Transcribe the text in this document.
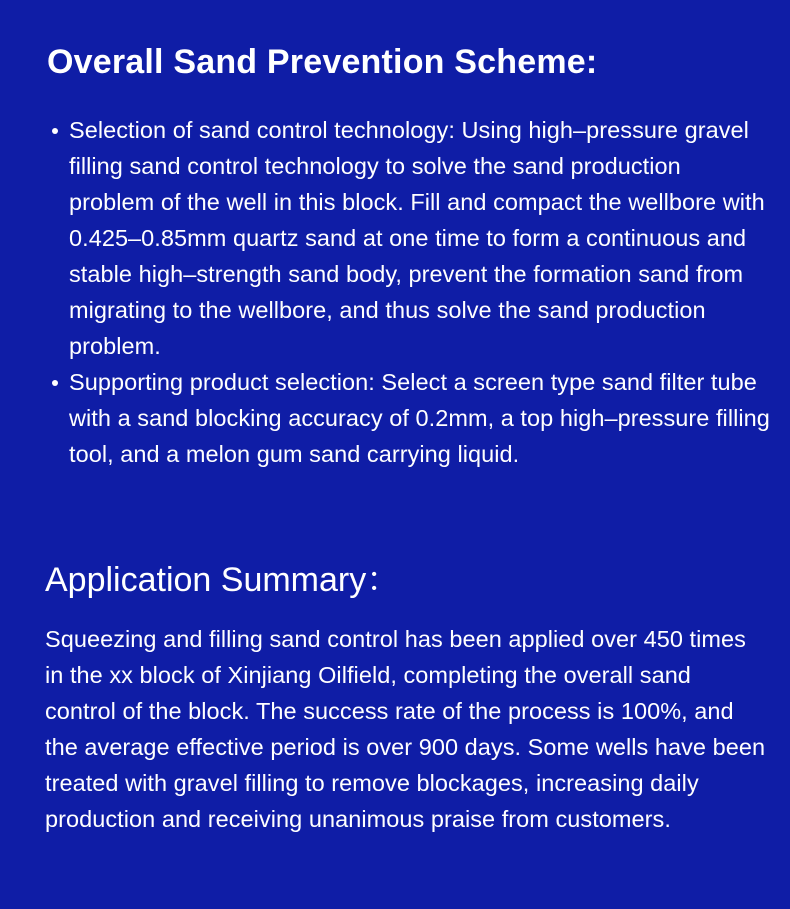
Overall Sand Prevention Scheme:
Selection of sand control technology: Using high–pressure gravel filling sand control technology to solve the sand production problem of the well in this block. Fill and compact the wellbore with 0.425–0.85mm quartz sand at one time to form a continuous and stable high–strength sand body, prevent the formation sand from migrating to the wellbore, and thus solve the sand production problem.
Supporting product selection: Select a screen type sand filter tube with a sand blocking accuracy of 0.2mm, a top high–pressure filling tool, and a melon gum sand carrying liquid.
Application Summary：

Squeezing and filling sand control has been applied over 450 times in the xx block of Xinjiang Oilfield, completing the overall sand control of the block. The success rate of the process is 100%, and the average effective period is over 900 days. Some wells have been treated with gravel filling to remove blockages, increasing daily production and receiving unanimous praise from customers.
